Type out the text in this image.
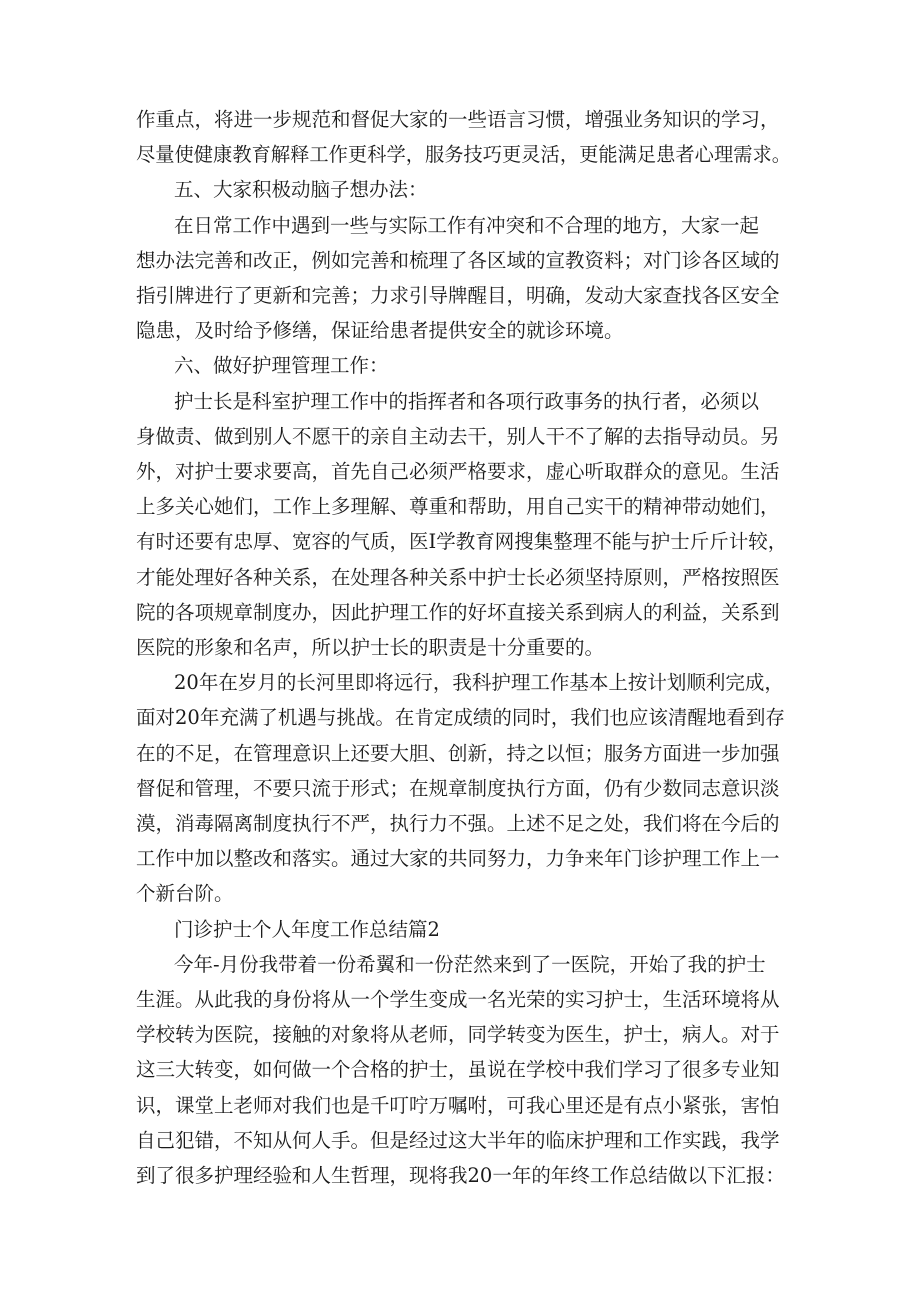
作重点，将进一步规范和督促大家的一些语言习惯，增强业务知识的学习，
尽量使健康教育解释工作更科学，服务技巧更灵活，更能满足患者心理需求。
五、大家积极动脑子想办法：
在日常工作中遇到一些与实际工作有冲突和不合理的地方，大家一起
想办法完善和改正，例如完善和梳理了各区域的宣教资料；对门诊各区域的
指引牌进行了更新和完善；力求引导牌醒目，明确，发动大家查找各区安全
隐患，及时给予修缮，保证给患者提供安全的就诊环境。
六、做好护理管理工作：
护士长是科室护理工作中的指挥者和各项行政事务的执行者，必须以
身做责、做到别人不愿干的亲自主动去干，别人干不了解的去指导动员。另
外，对护士要求要高，首先自己必须严格要求，虚心听取群众的意见。生活
上多关心她们，工作上多理解、尊重和帮助，用自己实干的精神带动她们，
有时还要有忠厚、宽容的气质，医I学教育网搜集整理不能与护士斤斤计较，
才能处理好各种关系，在处理各种关系中护士长必须坚持原则，严格按照医
院的各项规章制度办，因此护理工作的好坏直接关系到病人的利益，关系到
医院的形象和名声，所以护士长的职责是十分重要的。
20年在岁月的长河里即将远行，我科护理工作基本上按计划顺利完成，
面对20年充满了机遇与挑战。在肯定成绩的同时，我们也应该清醒地看到存
在的不足，在管理意识上还要大胆、创新，持之以恒；服务方面进一步加强
督促和管理，不要只流于形式；在规章制度执行方面，仍有少数同志意识淡
漠，消毒隔离制度执行不严，执行力不强。上述不足之处，我们将在今后的
工作中加以整改和落实。通过大家的共同努力，力争来年门诊护理工作上一
个新台阶。
门诊护士个人年度工作总结篇2
今年-月份我带着一份希翼和一份茫然来到了一医院，开始了我的护士
生涯。从此我的身份将从一个学生变成一名光荣的实习护士，生活环境将从
学校转为医院，接触的对象将从老师，同学转变为医生，护士，病人。对于
这三大转变，如何做一个合格的护士，虽说在学校中我们学习了很多专业知
识，课堂上老师对我们也是千叮咛万嘱咐，可我心里还是有点小紧张，害怕
自己犯错，不知从何人手。但是经过这大半年的临床护理和工作实践，我学
到了很多护理经验和人生哲理，现将我20一年的年终工作总结做以下汇报：
